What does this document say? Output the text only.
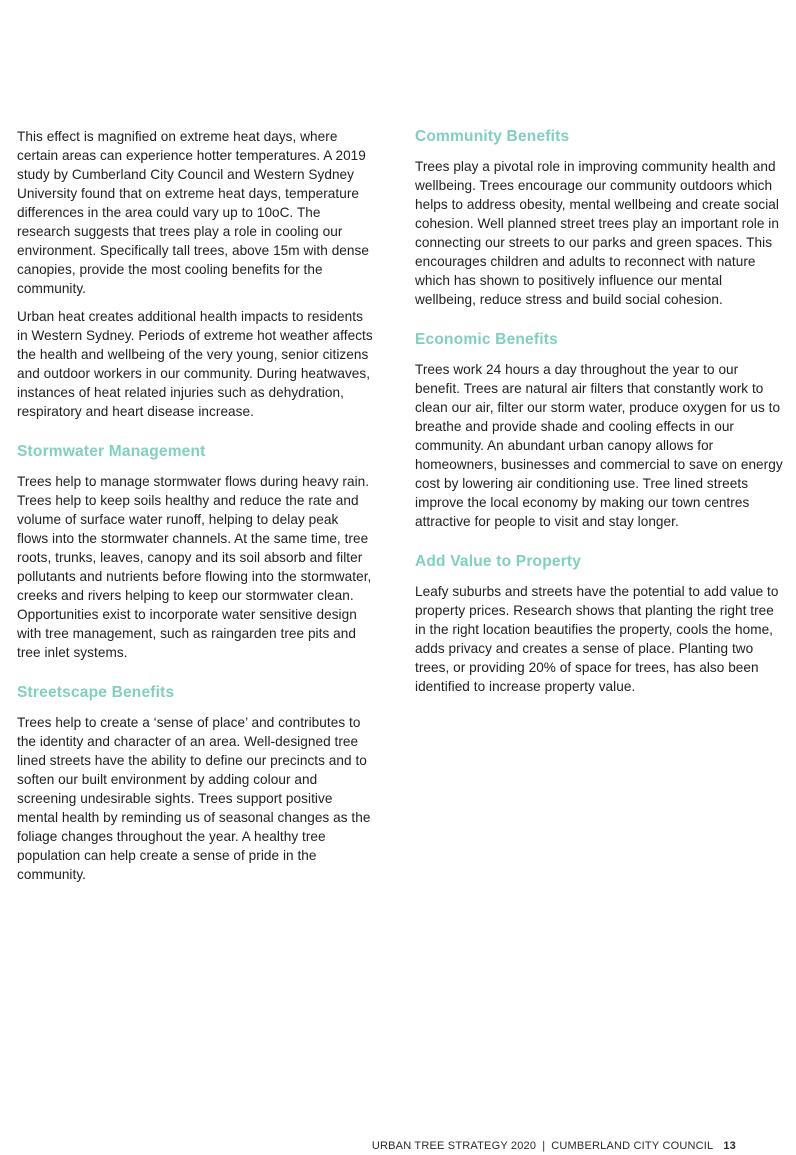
This effect is magnified on extreme heat days, where certain areas can experience hotter temperatures. A 2019 study by Cumberland City Council and Western Sydney University found that on extreme heat days, temperature differences in the area could vary up to 10oC. The research suggests that trees play a role in cooling our environment. Specifically tall trees, above 15m with dense canopies, provide the most cooling benefits for the community.

Urban heat creates additional health impacts to residents in Western Sydney. Periods of extreme hot weather affects the health and wellbeing of the very young, senior citizens and outdoor workers in our community. During heatwaves, instances of heat related injuries such as dehydration, respiratory and heart disease increase.

Stormwater Management

Trees help to manage stormwater flows during heavy rain. Trees help to keep soils healthy and reduce the rate and volume of surface water runoff, helping to delay peak flows into the stormwater channels. At the same time, tree roots, trunks, leaves, canopy and its soil absorb and filter pollutants and nutrients before flowing into the stormwater, creeks and rivers helping to keep our stormwater clean. Opportunities exist to incorporate water sensitive design with tree management, such as raingarden tree pits and tree inlet systems.

Streetscape Benefits

Trees help to create a ‘sense of place’ and contributes to the identity and character of an area. Well-designed tree lined streets have the ability to define our precincts and to soften our built environment by adding colour and screening undesirable sights. Trees support positive mental health by reminding us of seasonal changes as the foliage changes throughout the year. A healthy tree population can help create a sense of pride in the community.

Community Benefits

Trees play a pivotal role in improving community health and wellbeing. Trees encourage our community outdoors which helps to address obesity, mental wellbeing and create social cohesion. Well planned street trees play an important role in connecting our streets to our parks and green spaces. This encourages children and adults to reconnect with nature which has shown to positively influence our mental wellbeing, reduce stress and build social cohesion.

Economic Benefits

Trees work 24 hours a day throughout the year to our benefit. Trees are natural air filters that constantly work to clean our air, filter our storm water, produce oxygen for us to breathe and provide shade and cooling effects in our community. An abundant urban canopy allows for homeowners, businesses and commercial to save on energy cost by lowering air conditioning use. Tree lined streets improve the local economy by making our town centres attractive for people to visit and stay longer.

Add Value to Property

Leafy suburbs and streets have the potential to add value to property prices. Research shows that planting the right tree in the right location beautifies the property, cools the home, adds privacy and creates a sense of place. Planting two trees, or providing 20% of space for trees, has also been identified to increase property value.

URBAN TREE STRATEGY 2020 | CUMBERLAND CITY COUNCIL 13
